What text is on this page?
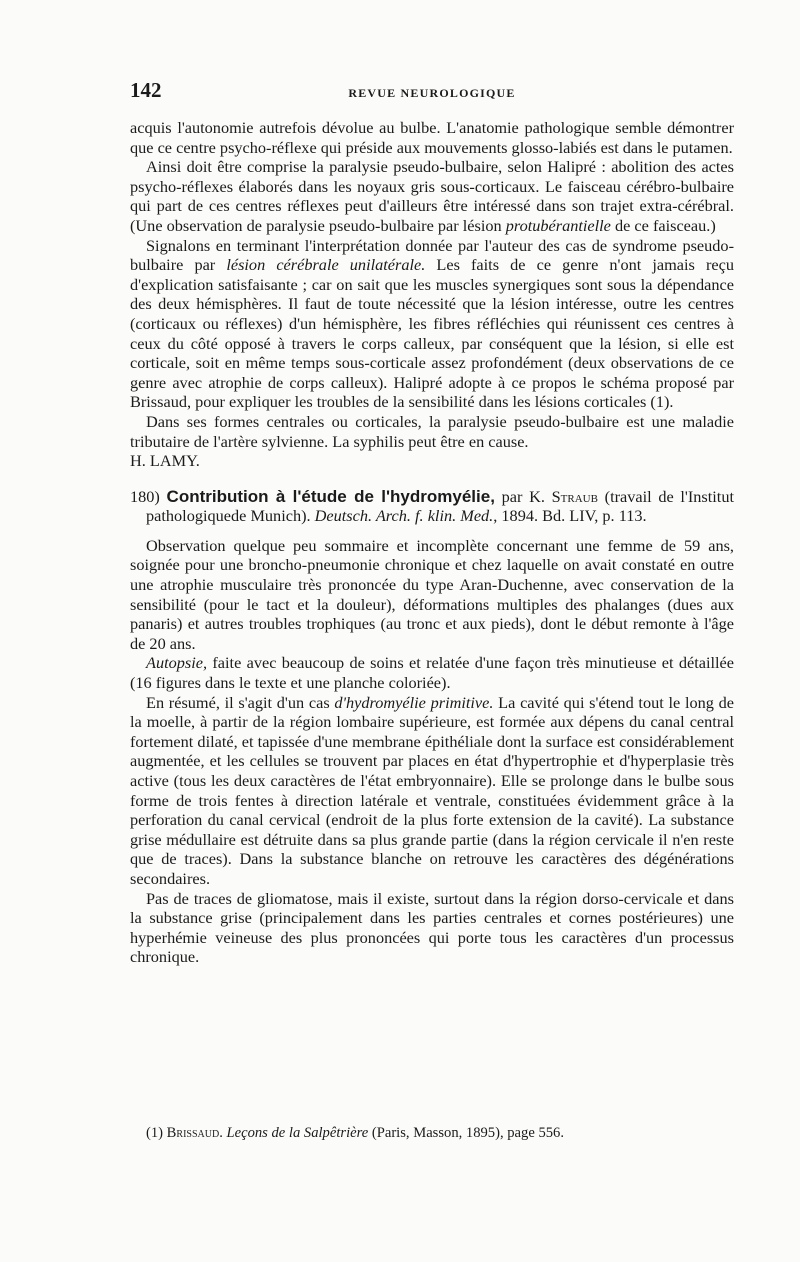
142	REVUE NEUROLOGIQUE

acquis l'autonomie autrefois dévolue au bulbe. L'anatomie pathologique semble démontrer que ce centre psycho-réflexe qui préside aux mouvements glosso-labiés est dans le putamen.

Ainsi doit être comprise la paralysie pseudo-bulbaire, selon Halipré : abolition des actes psycho-réflexes élaborés dans les noyaux gris sous-corticaux. Le faisceau cérébro-bulbaire qui part de ces centres réflexes peut d'ailleurs être intéressé dans son trajet extra-cérébral. (Une observation de paralysie pseudo-bulbaire par lésion protubérantielle de ce faisceau.)

Signalons en terminant l'interprétation donnée par l'auteur des cas de syndrome pseudo-bulbaire par lésion cérébrale unilatérale. Les faits de ce genre n'ont jamais reçu d'explication satisfaisante ; car on sait que les muscles synergiques sont sous la dépendance des deux hémisphères. Il faut de toute nécessité que la lésion intéresse, outre les centres (corticaux ou réflexes) d'un hémisphère, les fibres réfléchies qui réunissent ces centres à ceux du côté opposé à travers le corps calleux, par conséquent que la lésion, si elle est corticale, soit en même temps sous-corticale assez profondément (deux observations de ce genre avec atrophie de corps calleux). Halipré adopte à ce propos le schéma proposé par Brissaud, pour expliquer les troubles de la sensibilité dans les lésions corticales (1).

Dans ses formes centrales ou corticales, la paralysie pseudo-bulbaire est une maladie tributaire de l'artère sylvienne. La syphilis peut être en cause.

H. LAMY.

180) Contribution à l'étude de l'hydromyélie, par K. Straub (travail de l'Institut pathologiquede Munich). Deutsch. Arch. f. klin. Med., 1894. Bd. LIV, p. 113.

Observation quelque peu sommaire et incomplète concernant une femme de 59 ans, soignée pour une broncho-pneumonie chronique et chez laquelle on avait constaté en outre une atrophie musculaire très prononcée du type Aran-Duchenne, avec conservation de la sensibilité (pour le tact et la douleur), déformations multiples des phalanges (dues aux panaris) et autres troubles trophiques (au tronc et aux pieds), dont le début remonte à l'âge de 20 ans.

Autopsie, faite avec beaucoup de soins et relatée d'une façon très minutieuse et détaillée (16 figures dans le texte et une planche coloriée).

En résumé, il s'agit d'un cas d'hydromyélie primitive. La cavité qui s'étend tout le long de la moelle, à partir de la région lombaire supérieure, est formée aux dépens du canal central fortement dilaté, et tapissée d'une membrane épithéliale dont la surface est considérablement augmentée, et les cellules se trouvent par places en état d'hypertrophie et d'hyperplasie très active (tous les deux caractères de l'état embryonnaire). Elle se prolonge dans le bulbe sous forme de trois fentes à direction latérale et ventrale, constituées évidemment grâce à la perforation du canal cervical (endroit de la plus forte extension de la cavité). La substance grise médullaire est détruite dans sa plus grande partie (dans la région cervicale il n'en reste que de traces). Dans la substance blanche on retrouve les caractères des dégénérations secondaires.

Pas de traces de gliomatose, mais il existe, surtout dans la région dorso-cervicale et dans la substance grise (principalement dans les parties centrales et cornes postérieures) une hyperhémie veineuse des plus prononcées qui porte tous les caractères d'un processus chronique.

(1) Brissaud. Leçons de la Salpêtrière (Paris, Masson, 1895), page 556.
